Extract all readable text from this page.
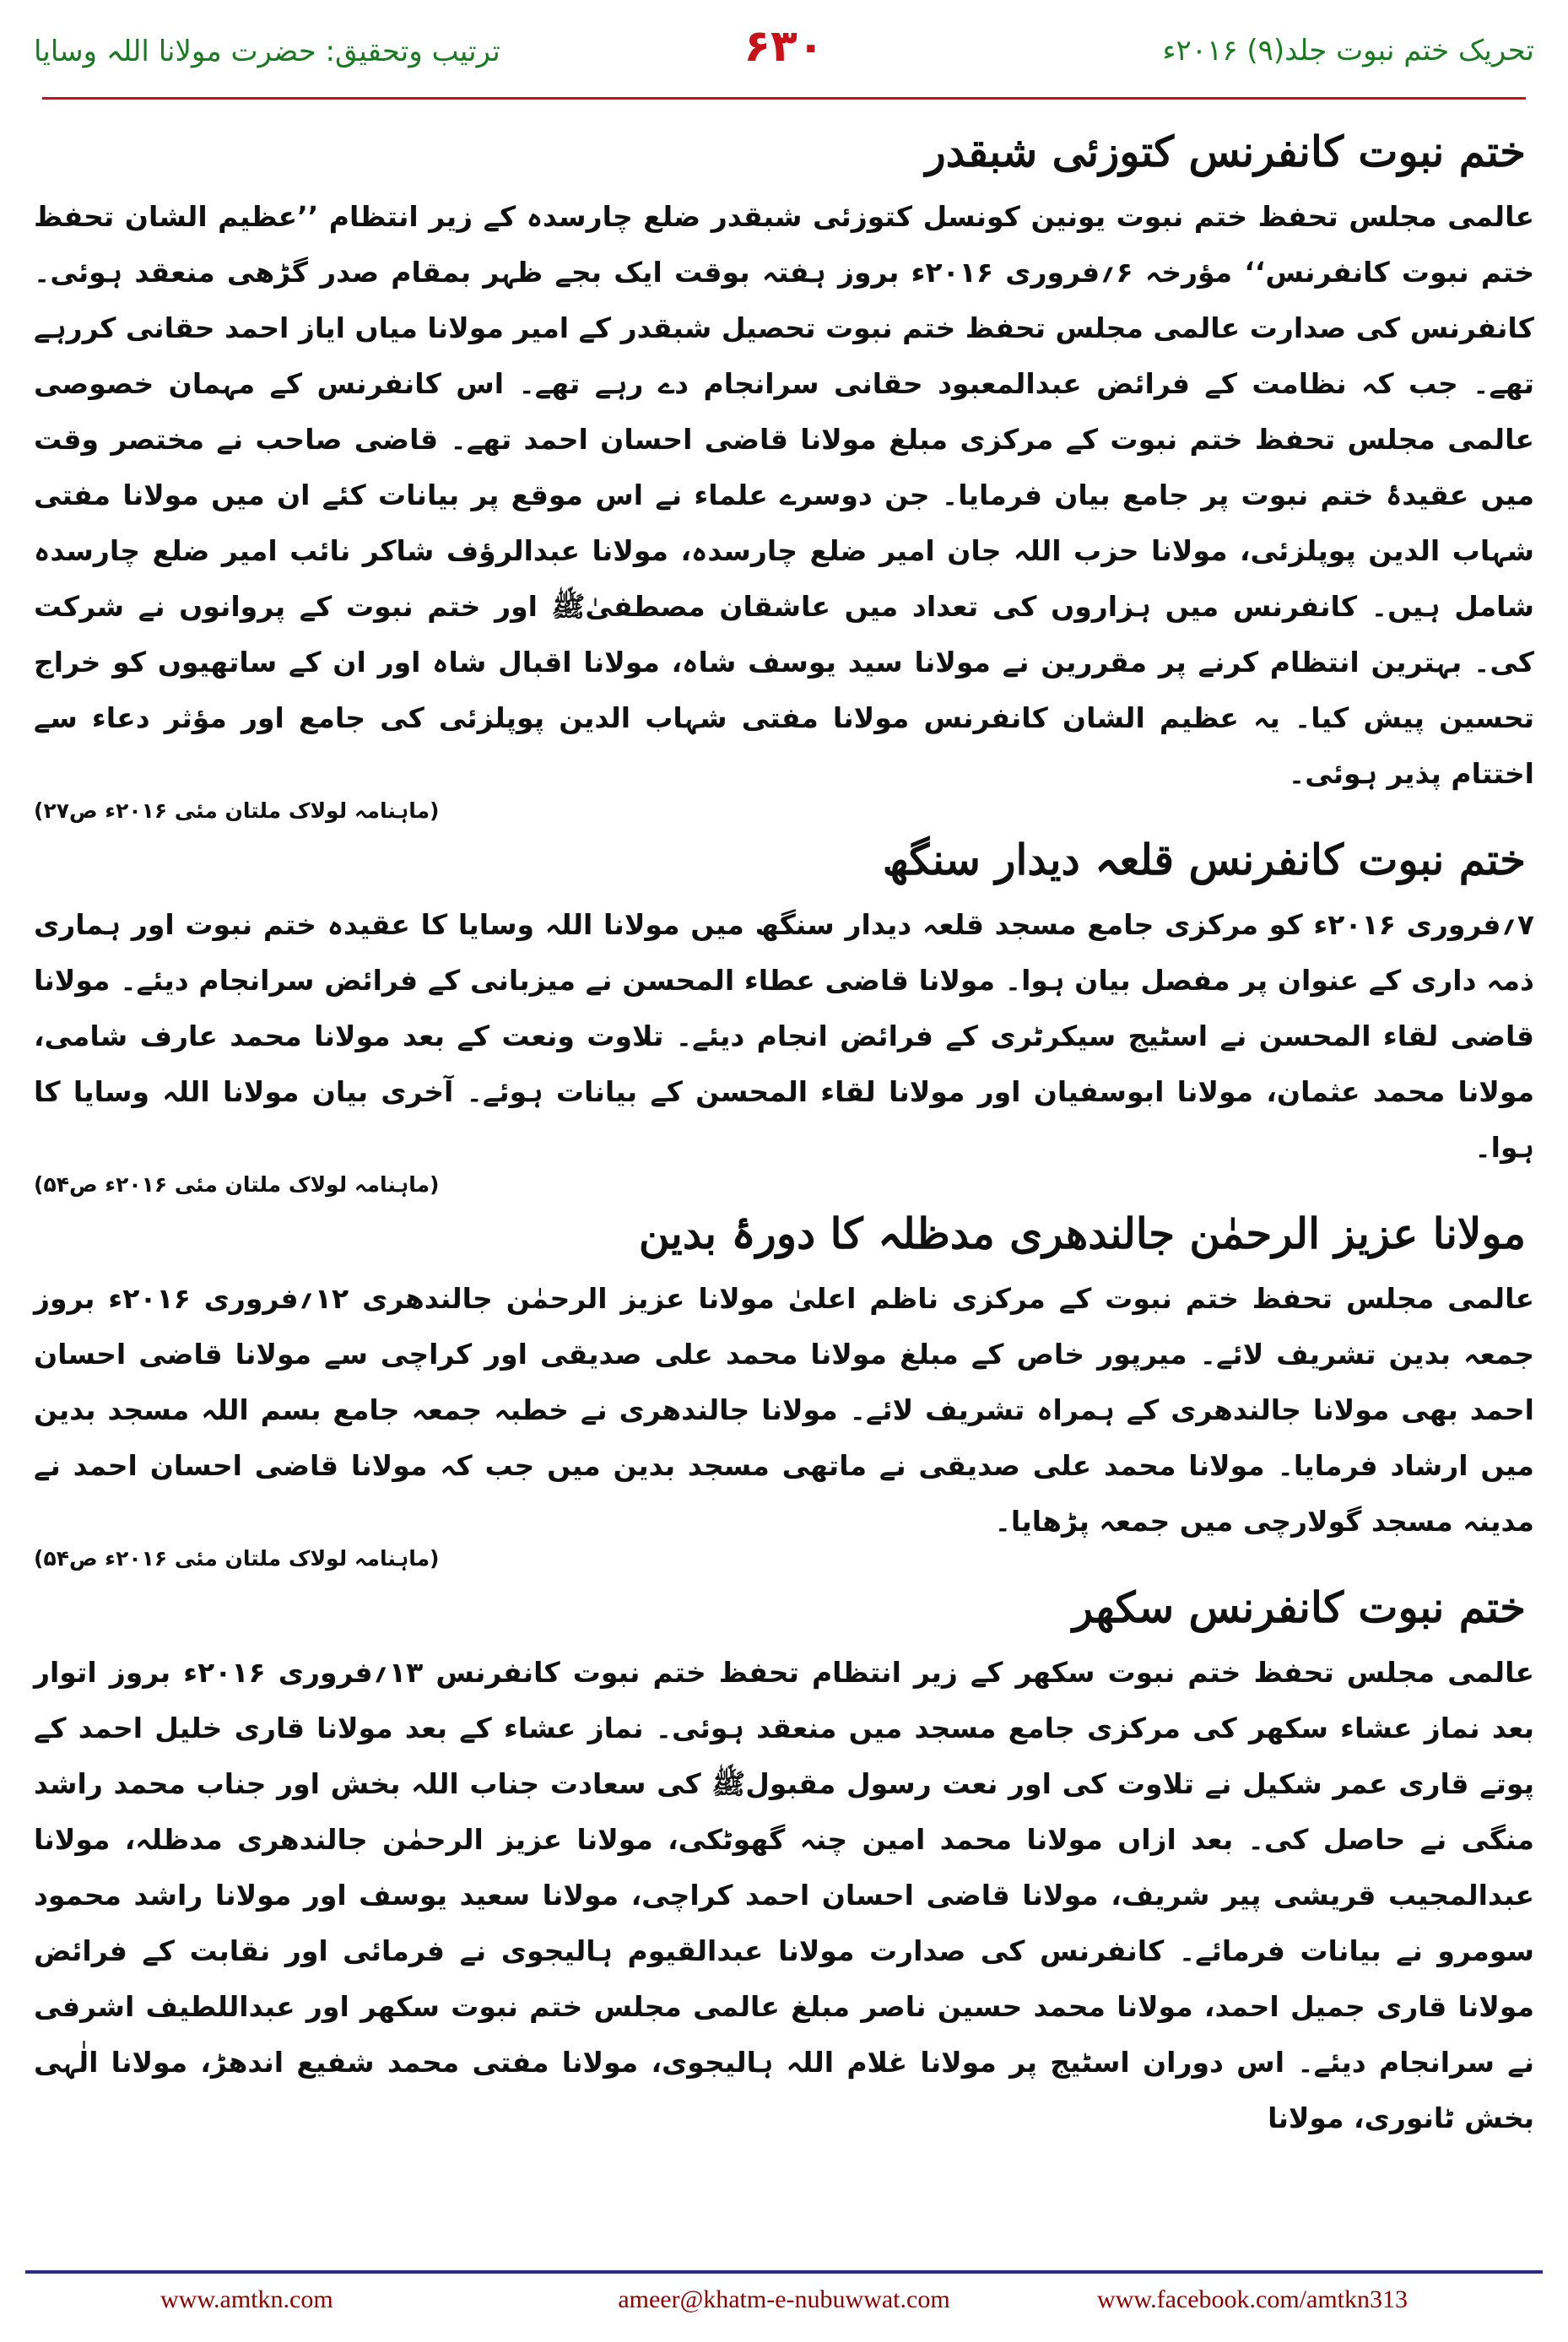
ترتیب وتحقیق: حضرت مولانا اللہ وسایا	۶۳۰	تحریک ختم نبوت جلد(۹) ۲۰۱۶ء
ختم نبوت کانفرنس کتوزئی شبقدر

عالمی مجلس تحفظ ختم نبوت یونین کونسل کتوزئی شبقدر ضلع چارسدہ کے زیر انتظام ’’عظیم الشان تحفظ ختم نبوت کانفرنس‘‘ مؤرخہ ۶؍فروری ۲۰۱۶ء بروز ہفتہ بوقت ایک بجے ظہر بمقام صدر گڑھی منعقد ہوئی۔ کانفرنس کی صدارت عالمی مجلس تحفظ ختم نبوت تحصیل شبقدر کے امیر مولانا میاں ایاز احمد حقانی کررہے تھے۔ جب کہ نظامت کے فرائض عبدالمعبود حقانی سرانجام دے رہے تھے۔ اس کانفرنس کے مہمان خصوصی عالمی مجلس تحفظ ختم نبوت کے مرکزی مبلغ مولانا قاضی احسان احمد تھے۔ قاضی صاحب نے مختصر وقت میں عقیدۂ ختم نبوت پر جامع بیان فرمایا۔ جن دوسرے علماء نے اس موقع پر بیانات کئے ان میں مولانا مفتی شہاب الدین پوپلزئی، مولانا حزب اللہ جان امیر ضلع چارسدہ، مولانا عبدالرؤف شاکر نائب امیر ضلع چارسدہ شامل ہیں۔ کانفرنس میں ہزاروں کی تعداد میں عاشقان مصطفیٰﷺ اور ختم نبوت کے پروانوں نے شرکت کی۔ بہترین انتظام کرنے پر مقررین نے مولانا سید یوسف شاہ، مولانا اقبال شاہ اور ان کے ساتھیوں کو خراج تحسین پیش کیا۔ یہ عظیم الشان کانفرنس مولانا مفتی شہاب الدین پوپلزئی کی جامع اور مؤثر دعاء سے اختتام پذیر ہوئی۔

(ماہنامہ لولاک ملتان مئی ۲۰۱۶ء ص۲۷)
ختم نبوت کانفرنس قلعہ دیدار سنگھ

۷؍فروری ۲۰۱۶ء کو مرکزی جامع مسجد قلعہ دیدار سنگھ میں مولانا اللہ وسایا کا عقیدہ ختم نبوت اور ہماری ذمہ داری کے عنوان پر مفصل بیان ہوا۔ مولانا قاضی عطاء المحسن نے میزبانی کے فرائض سرانجام دیئے۔ مولانا قاضی لقاء المحسن نے اسٹیج سیکرٹری کے فرائض انجام دیئے۔ تلاوت ونعت کے بعد مولانا محمد عارف شامی، مولانا محمد عثمان، مولانا ابوسفیان اور مولانا لقاء المحسن کے بیانات ہوئے۔ آخری بیان مولانا اللہ وسایا کا ہوا۔

(ماہنامہ لولاک ملتان مئی ۲۰۱۶ء ص۵۴)
مولانا عزیز الرحمٰن جالندھری مدظلہ کا دورۂ بدین

عالمی مجلس تحفظ ختم نبوت کے مرکزی ناظم اعلیٰ مولانا عزیز الرحمٰن جالندھری ۱۲؍فروری ۲۰۱۶ء بروز جمعہ بدین تشریف لائے۔ میرپور خاص کے مبلغ مولانا محمد علی صدیقی اور کراچی سے مولانا قاضی احسان احمد بھی مولانا جالندھری کے ہمراہ تشریف لائے۔ مولانا جالندھری نے خطبہ جمعہ جامع بسم اللہ مسجد بدین میں ارشاد فرمایا۔ مولانا محمد علی صدیقی نے ماتھی مسجد بدین میں جب کہ مولانا قاضی احسان احمد نے مدینہ مسجد گولارچی میں جمعہ پڑھایا۔

(ماہنامہ لولاک ملتان مئی ۲۰۱۶ء ص۵۴)
ختم نبوت کانفرنس سکھر

عالمی مجلس تحفظ ختم نبوت سکھر کے زیر انتظام تحفظ ختم نبوت کانفرنس ۱۳؍فروری ۲۰۱۶ء بروز اتوار بعد نماز عشاء سکھر کی مرکزی جامع مسجد میں منعقد ہوئی۔ نماز عشاء کے بعد مولانا قاری خلیل احمد کے پوتے قاری عمر شکیل نے تلاوت کی اور نعت رسول مقبولﷺ کی سعادت جناب اللہ بخش اور جناب محمد راشد منگی نے حاصل کی۔ بعد ازاں مولانا محمد امین چنہ گھوٹکی، مولانا عزیز الرحمٰن جالندھری مدظلہ، مولانا عبدالمجیب قریشی پیر شریف، مولانا قاضی احسان احمد کراچی، مولانا سعید یوسف اور مولانا راشد محمود سومرو نے بیانات فرمائے۔ کانفرنس کی صدارت مولانا عبدالقیوم ہالیجوی نے فرمائی اور نقابت کے فرائض مولانا قاری جمیل احمد، مولانا محمد حسین ناصر مبلغ عالمی مجلس ختم نبوت سکھر اور عبداللطیف اشرفی نے سرانجام دیئے۔ اس دوران اسٹیج پر مولانا غلام اللہ ہالیجوی، مولانا مفتی محمد شفیع اندھڑ، مولانا الٰہی بخش ٹانوری، مولانا

www.amtkn.com	ameer@khatm-e-nubuwwat.com	www.facebook.com/amtkn313
